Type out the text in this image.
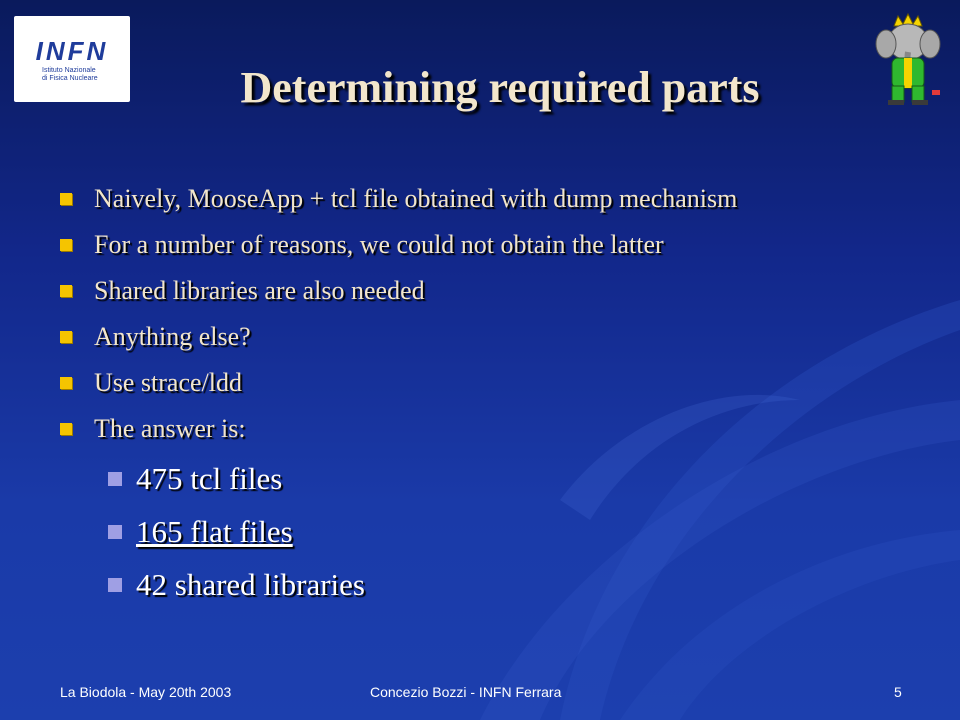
INFN
Istituto Nazionale
di Fisica Nucleare	Determining required parts
Naively, MooseApp + tcl file obtained with dump mechanism
For a number of reasons, we could not obtain the latter
Shared libraries are also needed
Anything else?
Use strace/ldd
The answer is:
475 tcl files
165 flat files
42 shared libraries
La Biodola - May 20th 2003	Concezio Bozzi - INFN Ferrara	5
